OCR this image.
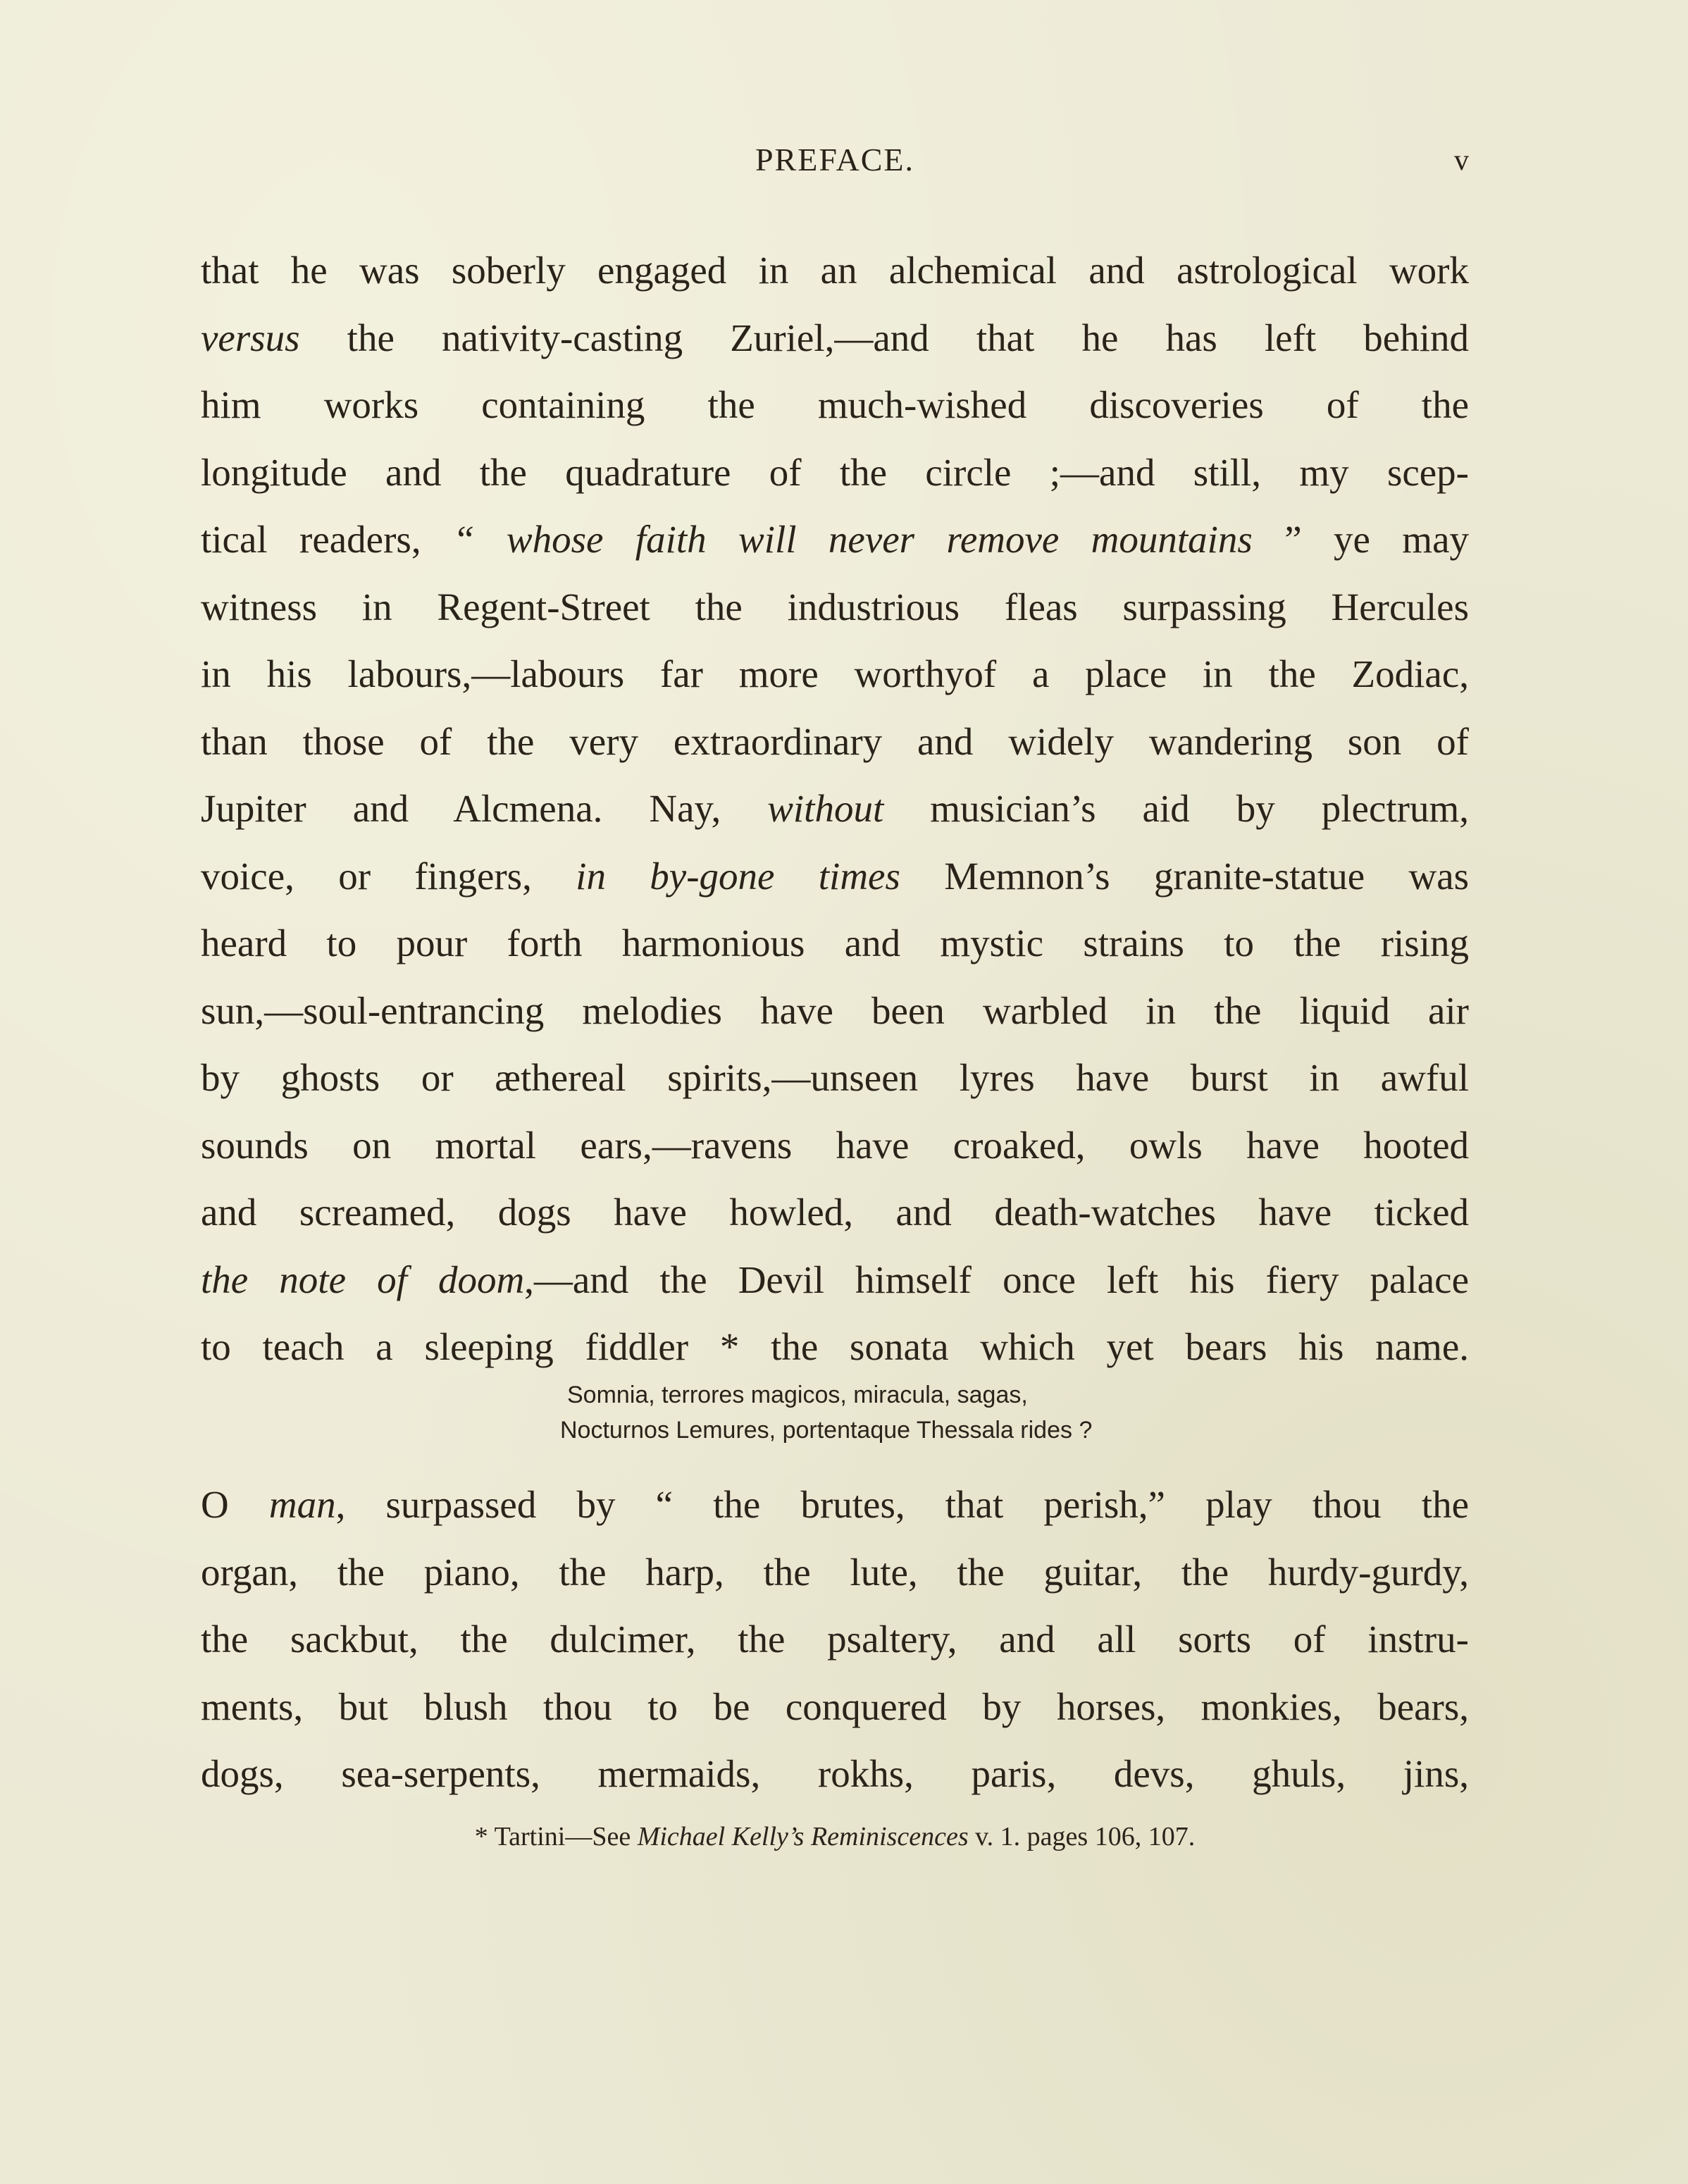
PREFACE.	v
that he was soberly engaged in an alchemical and astrological work
versus the nativity-casting Zuriel,—and that he has left behind
him works containing the much-wished discoveries of the
longitude and the quadrature of the circle ;—and still, my scep-
tical readers, “ whose faith will never remove mountains ” ye may
witness in Regent-Street the industrious fleas surpassing Hercules
in his labours,—labours far more worthyof a place in the Zodiac,
than those of the very extraordinary and widely wandering son of
Jupiter and Alcmena. Nay, without musician’s aid by plectrum,
voice, or fingers, in by-gone times Memnon’s granite-statue was
heard to pour forth harmonious and mystic strains to the rising
sun,—soul-entrancing melodies have been warbled in the liquid air
by ghosts or æthereal spirits,—unseen lyres have burst in awful
sounds on mortal ears,—ravens have croaked, owls have hooted
and screamed, dogs have howled, and death-watches have ticked
the note of doom,—and the Devil himself once left his fiery palace
to teach a sleeping fiddler * the sonata which yet bears his name.
Somnia, terrores magicos, miracula, sagas,
Nocturnos Lemures, portentaque Thessala rides ?
O man, surpassed by “ the brutes, that perish,” play thou the
organ, the piano, the harp, the lute, the guitar, the hurdy-gurdy,
the sackbut, the dulcimer, the psaltery, and all sorts of instru-
ments, but blush thou to be conquered by horses, monkies, bears,
dogs, sea-serpents, mermaids, rokhs, paris, devs, ghuls, jins,
* Tartini—See Michael Kelly’s Reminiscences v. 1. pages 106, 107.
